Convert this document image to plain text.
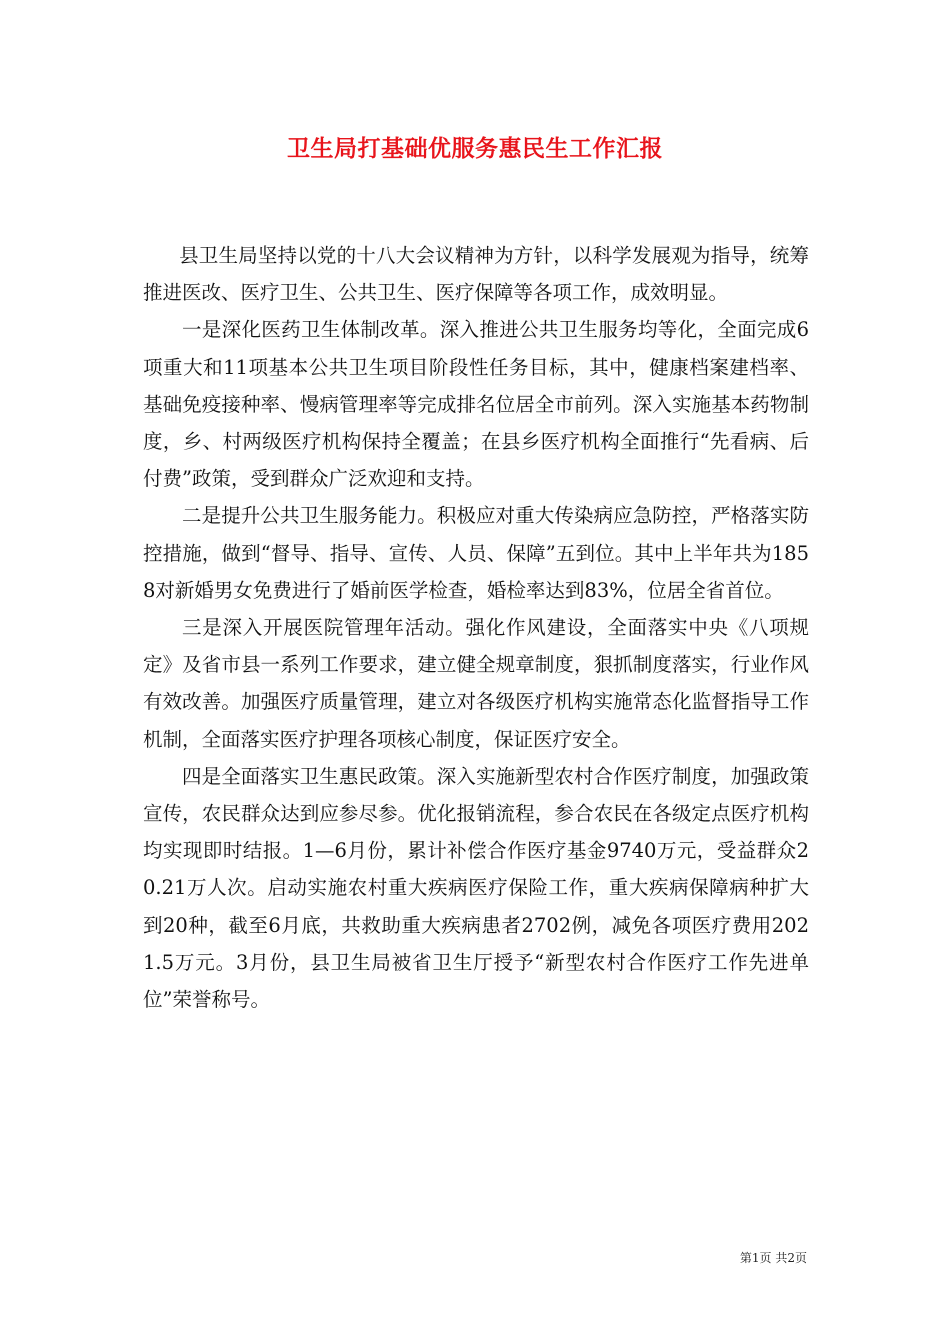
卫生局打基础优服务惠民生工作汇报

县卫生局坚持以党的十八大会议精神为方针，以科学发展观为指导，统筹推进医改、医疗卫生、公共卫生、医疗保障等各项工作，成效明显。

一是深化医药卫生体制改革。深入推进公共卫生服务均等化，全面完成6项重大和11项基本公共卫生项目阶段性任务目标，其中，健康档案建档率、基础免疫接种率、慢病管理率等完成排名位居全市前列。深入实施基本药物制度，乡、村两级医疗机构保持全覆盖；在县乡医疗机构全面推行“先看病、后付费”政策，受到群众广泛欢迎和支持。

二是提升公共卫生服务能力。积极应对重大传染病应急防控，严格落实防控措施，做到“督导、指导、宣传、人员、保障”五到位。其中上半年共为1858对新婚男女免费进行了婚前医学检查，婚检率达到83%，位居全省首位。

三是深入开展医院管理年活动。强化作风建设，全面落实中央《八项规定》及省市县一系列工作要求，建立健全规章制度，狠抓制度落实，行业作风有效改善。加强医疗质量管理，建立对各级医疗机构实施常态化监督指导工作机制，全面落实医疗护理各项核心制度，保证医疗安全。

四是全面落实卫生惠民政策。深入实施新型农村合作医疗制度，加强政策宣传，农民群众达到应参尽参。优化报销流程，参合农民在各级定点医疗机构均实现即时结报。1—6月份，累计补偿合作医疗基金9740万元，受益群众20.21万人次。启动实施农村重大疾病医疗保险工作，重大疾病保障病种扩大到20种，截至6月底，共救助重大疾病患者2702例，减免各项医疗费用2021.5万元。3月份，县卫生局被省卫生厅授予“新型农村合作医疗工作先进单位”荣誉称号。

第1页 共2页
